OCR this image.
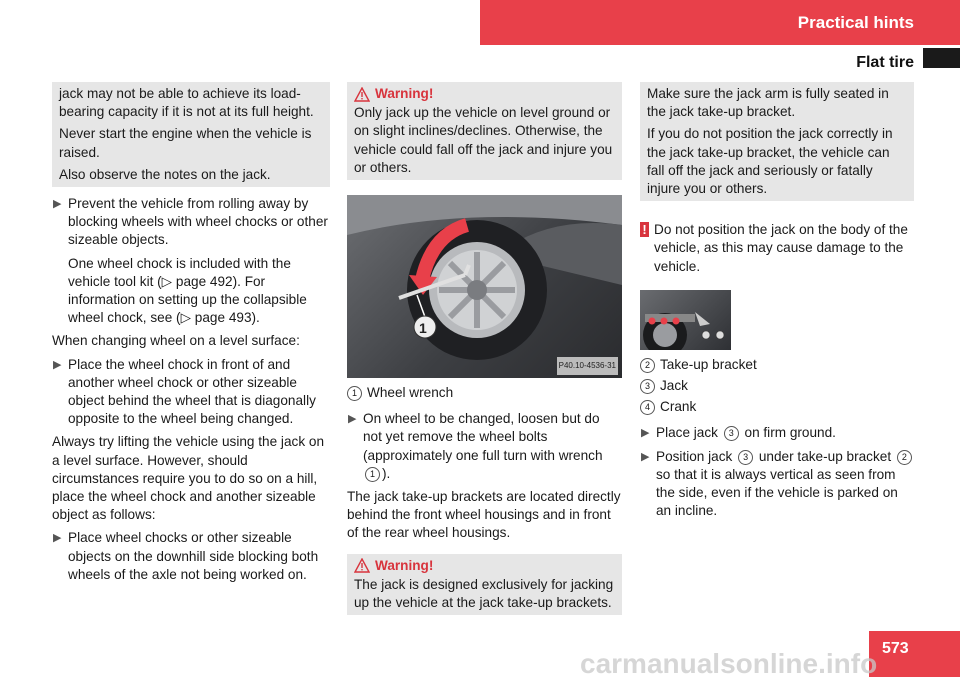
Practical hints
Flat tire

jack may not be able to achieve its load-bearing capacity if it is not at its full height.

Never start the engine when the vehicle is raised.

Also observe the notes on the jack.

▶ Prevent the vehicle from rolling away by blocking wheels with wheel chocks or other sizeable objects.

One wheel chock is included with the vehicle tool kit (▷ page 492). For information on setting up the collapsible wheel chock, see (▷ page 493).

When changing wheel on a level surface:

▶ Place the wheel chock in front of and another wheel chock or other sizeable object behind the wheel that is diagonally opposite to the wheel being changed.

Always try lifting the vehicle using the jack on a level surface. However, should circumstances require you to do so on a hill, place the wheel chock and another sizeable object as follows:

▶ Place wheel chocks or other sizeable objects on the downhill side blocking both wheels of the axle not being worked on.

Warning!

Only jack up the vehicle on level ground or on slight inclines/declines. Otherwise, the vehicle could fall off the jack and injure you or others.

1
P40.10-4536-31

1 Wheel wrench

▶ On wheel to be changed, loosen but do not yet remove the wheel bolts (approximately one full turn with wrench 1 ).

The jack take-up brackets are located directly behind the front wheel housings and in front of the rear wheel housings.

Warning!

The jack is designed exclusively for jacking up the vehicle at the jack take-up brackets.

Make sure the jack arm is fully seated in the jack take-up bracket.

If you do not position the jack correctly in the jack take-up bracket, the vehicle can fall off the jack and seriously or fatally injure you or others.

! Do not position the jack on the body of the vehicle, as this may cause damage to the vehicle.

2 Take-up bracket

3 Jack

4 Crank

▶ Place jack 3 on firm ground.

▶ Position jack 3 under take-up bracket 2 so that it is always vertical as seen from the side, even if the vehicle is parked on an incline.

573
carmanualsonline.info
